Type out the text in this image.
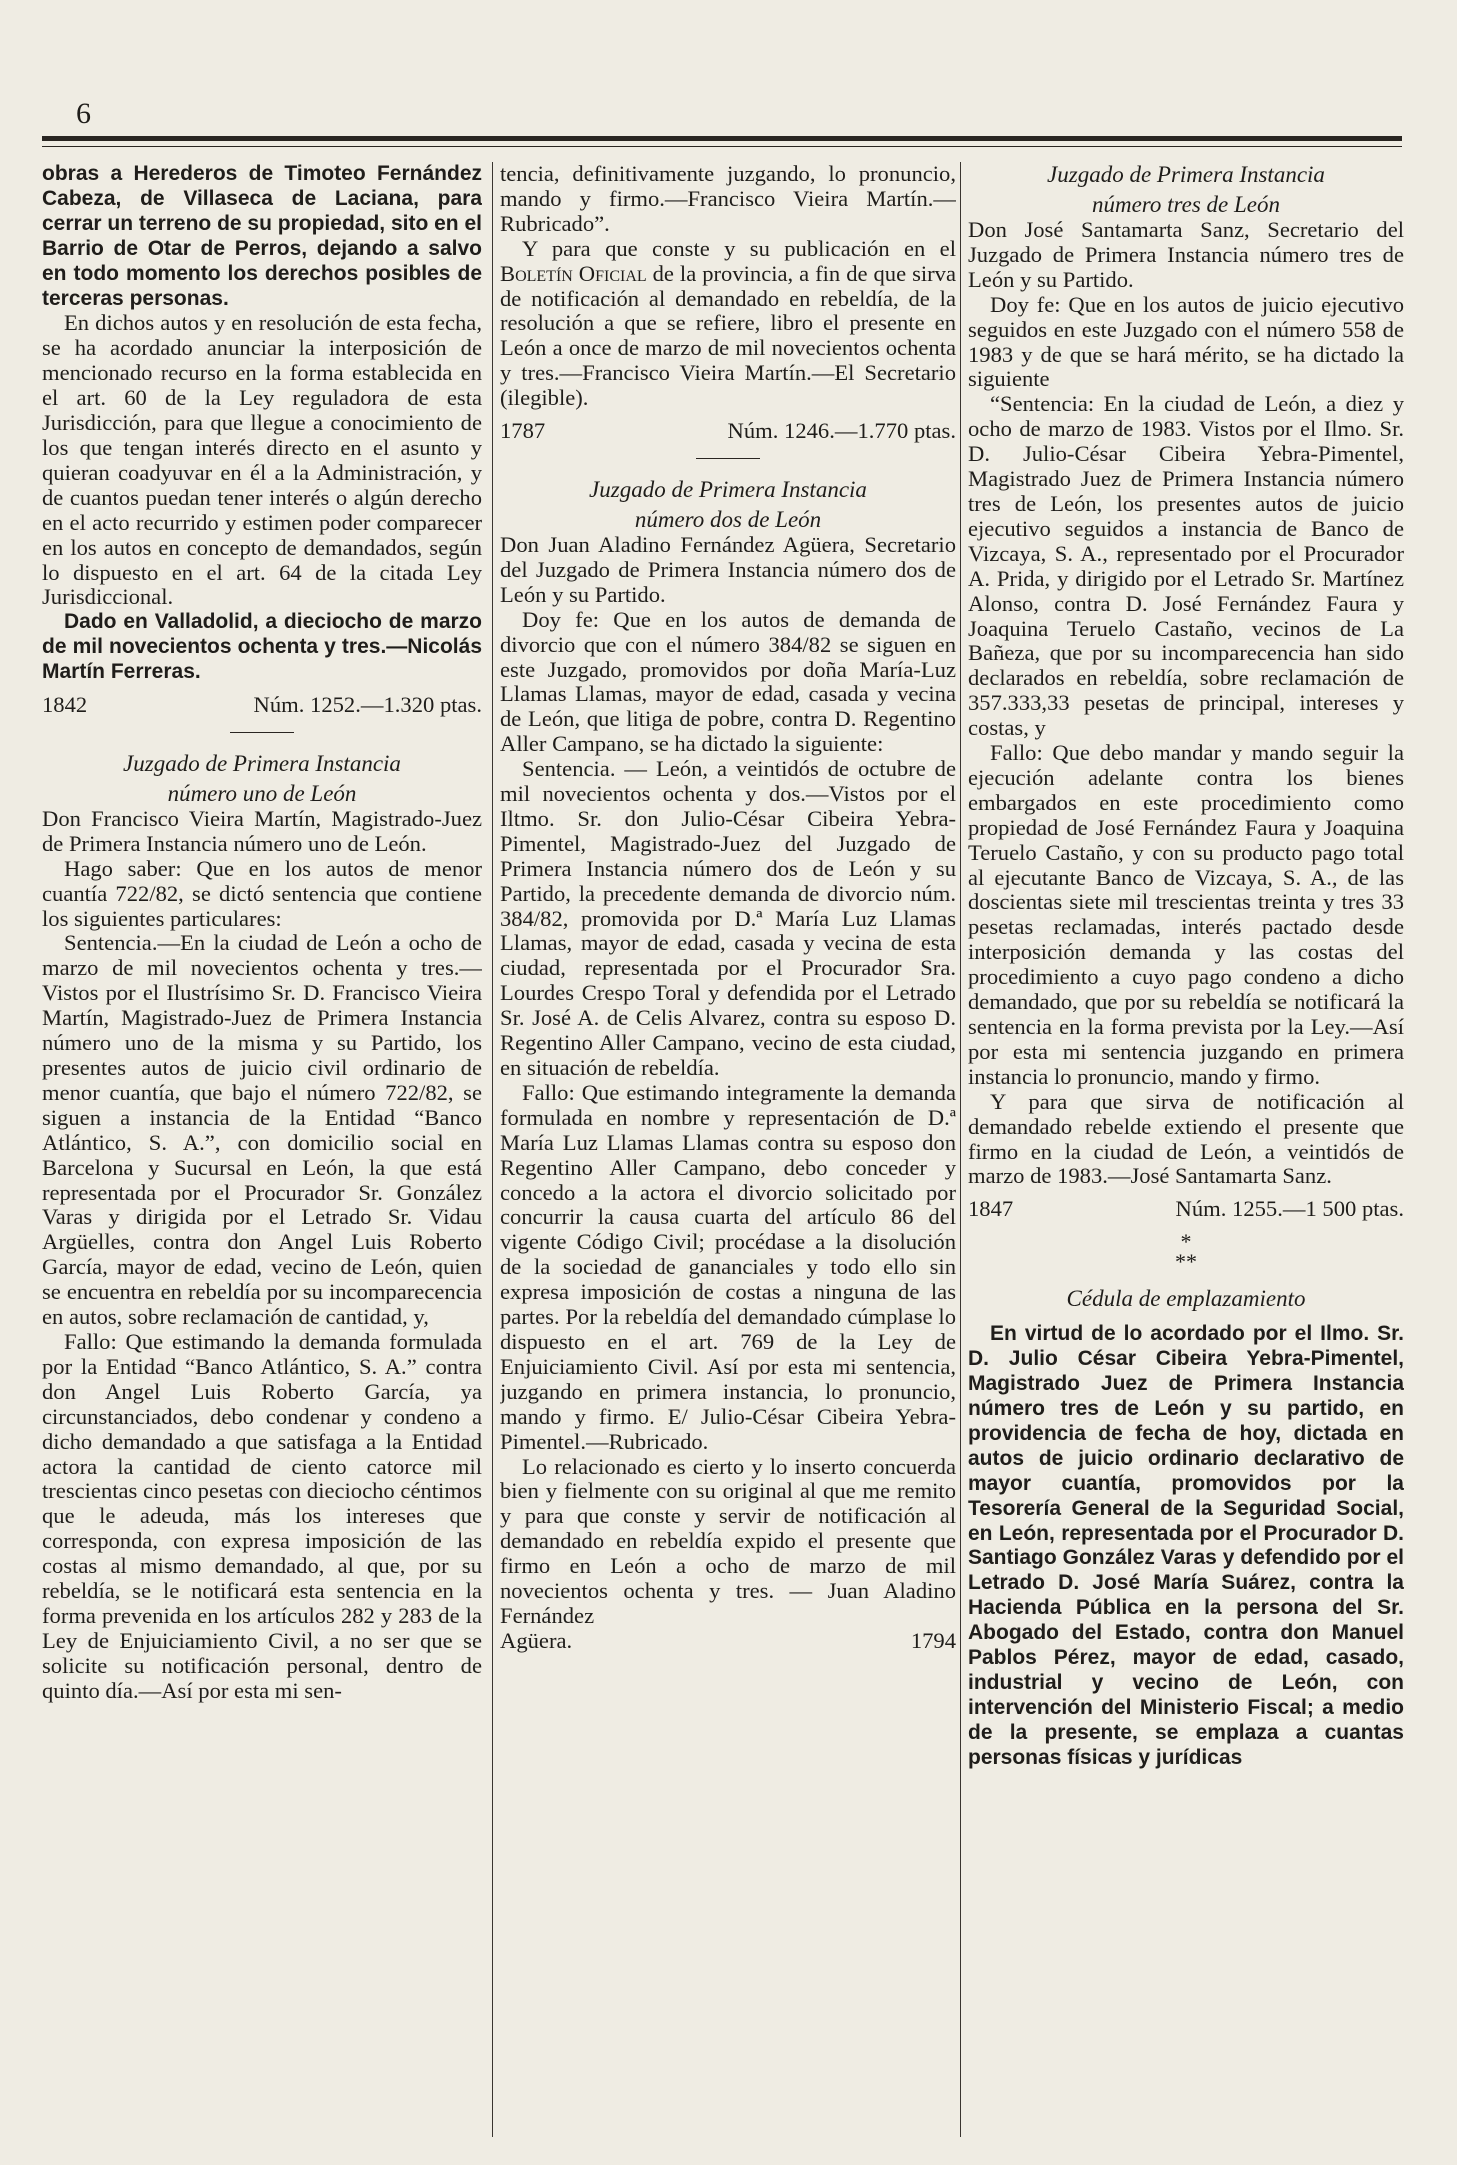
6

obras a Herederos de Timoteo Fernández Cabeza, de Villaseca de Laciana, para cerrar un terreno de su propiedad, sito en el Barrio de Otar de Perros, dejando a salvo en todo momento los derechos posibles de terceras personas.

En dichos autos y en resolución de esta fecha, se ha acordado anunciar la interposición de mencionado recurso en la forma establecida en el art. 60 de la Ley reguladora de esta Jurisdicción, para que llegue a conocimiento de los que tengan interés directo en el asunto y quieran coadyuvar en él a la Administración, y de cuantos puedan tener interés o algún derecho en el acto recurrido y estimen poder comparecer en los autos en concepto de demandados, según lo dispuesto en el art. 64 de la citada Ley Jurisdiccional.

Dado en Valladolid, a dieciocho de marzo de mil novecientos ochenta y tres.—Nicolás Martín Ferreras.

1842	Núm. 1252.—1.320 ptas.

Juzgado de Primera Instancia

número uno de León

Don Francisco Vieira Martín, Magistrado-Juez de Primera Instancia número uno de León.

Hago saber: Que en los autos de menor cuantía 722/82, se dictó sentencia que contiene los siguientes particulares:

Sentencia.—En la ciudad de León a ocho de marzo de mil novecientos ochenta y tres.—Vistos por el Ilustrísimo Sr. D. Francisco Vieira Martín, Magistrado-Juez de Primera Instancia número uno de la misma y su Partido, los presentes autos de juicio civil ordinario de menor cuantía, que bajo el número 722/82, se siguen a instancia de la Entidad “Banco Atlántico, S. A.”, con domicilio social en Barcelona y Sucursal en León, la que está representada por el Procurador Sr. González Varas y dirigida por el Letrado Sr. Vidau Argüelles, contra don Angel Luis Roberto García, mayor de edad, vecino de León, quien se encuentra en rebeldía por su incomparecencia en autos, sobre reclamación de cantidad, y,

Fallo: Que estimando la demanda formulada por la Entidad “Banco Atlántico, S. A.” contra don Angel Luis Roberto García, ya circunstanciados, debo condenar y condeno a dicho demandado a que satisfaga a la Entidad actora la cantidad de ciento catorce mil trescientas cinco pesetas con dieciocho céntimos que le adeuda, más los intereses que corresponda, con expresa imposición de las costas al mismo demandado, al que, por su rebeldía, se le notificará esta sentencia en la forma prevenida en los artículos 282 y 283 de la Ley de Enjuiciamiento Civil, a no ser que se solicite su notificación personal, dentro de quinto día.—Así por esta mi sen-

tencia, definitivamente juzgando, lo pronuncio, mando y firmo.—Francisco Vieira Martín.—Rubricado”.

Y para que conste y su publicación en el Boletín Oficial de la provincia, a fin de que sirva de notificación al demandado en rebeldía, de la resolución a que se refiere, libro el presente en León a once de marzo de mil novecientos ochenta y tres.—Francisco Vieira Martín.—El Secretario (ilegible).

1787	Núm. 1246.—1.770 ptas.

Juzgado de Primera Instancia

número dos de León

Don Juan Aladino Fernández Agüera, Secretario del Juzgado de Primera Instancia número dos de León y su Partido.

Doy fe: Que en los autos de demanda de divorcio que con el número 384/82 se siguen en este Juzgado, promovidos por doña María-Luz Llamas Llamas, mayor de edad, casada y vecina de León, que litiga de pobre, contra D. Regentino Aller Campano, se ha dictado la siguiente:

Sentencia. — León, a veintidós de octubre de mil novecientos ochenta y dos.—Vistos por el Iltmo. Sr. don Julio-César Cibeira Yebra-Pimentel, Magistrado-Juez del Juzgado de Primera Instancia número dos de León y su Partido, la precedente demanda de divorcio núm. 384/82, promovida por D.ª María Luz Llamas Llamas, mayor de edad, casada y vecina de esta ciudad, representada por el Procurador Sra. Lourdes Crespo Toral y defendida por el Letrado Sr. José A. de Celis Alvarez, contra su esposo D. Regentino Aller Campano, vecino de esta ciudad, en situación de rebeldía.

Fallo: Que estimando integramente la demanda formulada en nombre y representación de D.ª María Luz Llamas Llamas contra su esposo don Regentino Aller Campano, debo conceder y concedo a la actora el divorcio solicitado por concurrir la causa cuarta del artículo 86 del vigente Código Civil; procédase a la disolución de la sociedad de gananciales y todo ello sin expresa imposición de costas a ninguna de las partes. Por la rebeldía del demandado cúmplase lo dispuesto en el art. 769 de la Ley de Enjuiciamiento Civil. Así por esta mi sentencia, juzgando en primera instancia, lo pronuncio, mando y firmo. E/ Julio-César Cibeira Yebra-Pimentel.—Rubricado.

Lo relacionado es cierto y lo inserto concuerda bien y fielmente con su original al que me remito y para que conste y servir de notificación al demandado en rebeldía expido el presente que firmo en León a ocho de marzo de mil novecientos ochenta y tres. — Juan Aladino Fernández

Agüera.	1794

Juzgado de Primera Instancia

número tres de León

Don José Santamarta Sanz, Secretario del Juzgado de Primera Instancia número tres de León y su Partido.

Doy fe: Que en los autos de juicio ejecutivo seguidos en este Juzgado con el número 558 de 1983 y de que se hará mérito, se ha dictado la siguiente

“Sentencia: En la ciudad de León, a diez y ocho de marzo de 1983. Vistos por el Ilmo. Sr. D. Julio-César Cibeira Yebra-Pimentel, Magistrado Juez de Primera Instancia número tres de León, los presentes autos de juicio ejecutivo seguidos a instancia de Banco de Vizcaya, S. A., representado por el Procurador A. Prida, y dirigido por el Letrado Sr. Martínez Alonso, contra D. José Fernández Faura y Joaquina Teruelo Castaño, vecinos de La Bañeza, que por su incomparecencia han sido declarados en rebeldía, sobre reclamación de 357.333,33 pesetas de principal, intereses y costas, y

Fallo: Que debo mandar y mando seguir la ejecución adelante contra los bienes embargados en este procedimiento como propiedad de José Fernández Faura y Joaquina Teruelo Castaño, y con su producto pago total al ejecutante Banco de Vizcaya, S. A., de las doscientas siete mil trescientas treinta y tres 33 pesetas reclamadas, interés pactado desde interposición demanda y las costas del procedimiento a cuyo pago condeno a dicho demandado, que por su rebeldía se notificará la sentencia en la forma prevista por la Ley.—Así por esta mi sentencia juzgando en primera instancia lo pronuncio, mando y firmo.

Y para que sirva de notificación al demandado rebelde extiendo el presente que firmo en la ciudad de León, a veintidós de marzo de 1983.—José Santamarta Sanz.

1847	Núm. 1255.—1 500 ptas.
*
**

Cédula de emplazamiento

En virtud de lo acordado por el Ilmo. Sr. D. Julio César Cibeira Yebra-Pimentel, Magistrado Juez de Primera Instancia número tres de León y su partido, en providencia de fecha de hoy, dictada en autos de juicio ordinario declarativo de mayor cuantía, promovidos por la Tesorería General de la Seguridad Social, en León, representada por el Procurador D. Santiago González Varas y defendido por el Letrado D. José María Suárez, contra la Hacienda Pública en la persona del Sr. Abogado del Estado, contra don Manuel Pablos Pérez, mayor de edad, casado, industrial y vecino de León, con intervención del Ministerio Fiscal; a medio de la presente, se emplaza a cuantas personas físicas y jurídicas
